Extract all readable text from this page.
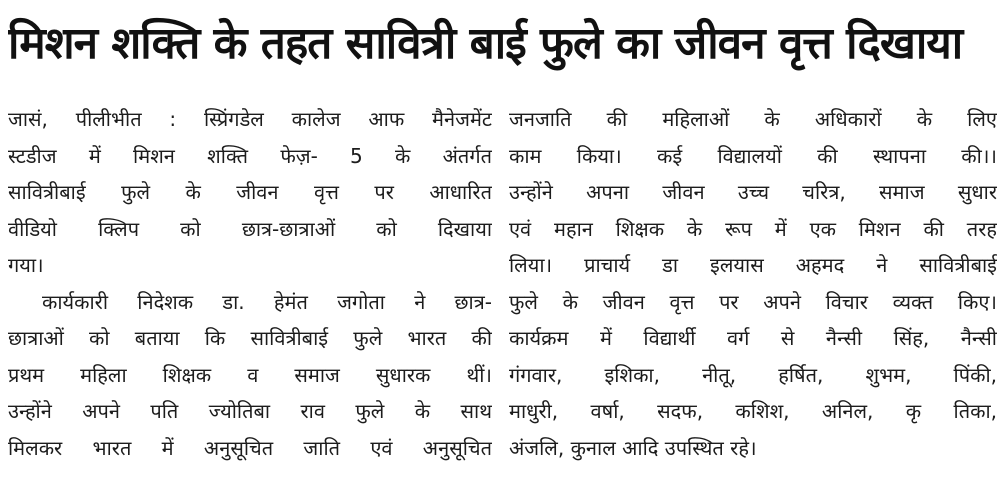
मिशन शक्ति के तहत सावित्री बाई फुले का जीवन वृत्त दिखाया
जासं, पीलीभीत : स्प्रिंगडेल कालेज आफ मैनेजमेंट
स्टडीज में मिशन शक्ति फेज़- 5 के अंतर्गत
सावित्रीबाई फुले के जीवन वृत्त पर आधारित
वीडियो क्लिप को छात्र-छात्राओं को दिखाया
गया।
कार्यकारी निदेशक डा. हेमंत जगोता ने छात्र-
छात्राओं को बताया कि सावित्रीबाई फुले भारत की
प्रथम महिला शिक्षक व समाज सुधारक थीं।
उन्होंने अपने पति ज्योतिबा राव फुले के साथ
मिलकर भारत में अनुसूचित जाति एवं अनुसूचित
जनजाति की महिलाओं के अधिकारों के लिए
काम किया। कई विद्यालयों की स्थापना की।।
उन्होंने अपना जीवन उच्च चरित्र, समाज सुधार
एवं महान शिक्षक के रूप में एक मिशन की तरह
लिया। प्राचार्य डा इलयास अहमद ने सावित्रीबाई
फुले के जीवन वृत्त पर अपने विचार व्यक्त किए।
कार्यक्रम में विद्यार्थी वर्ग से नैन्सी सिंह, नैन्सी
गंगवार, इशिका, नीतू, हर्षित, शुभम, पिंकी,
माधुरी, वर्षा, सदफ, कशिश, अनिल, कृ तिका,
अंजलि, कुनाल आदि उपस्थित रहे।
